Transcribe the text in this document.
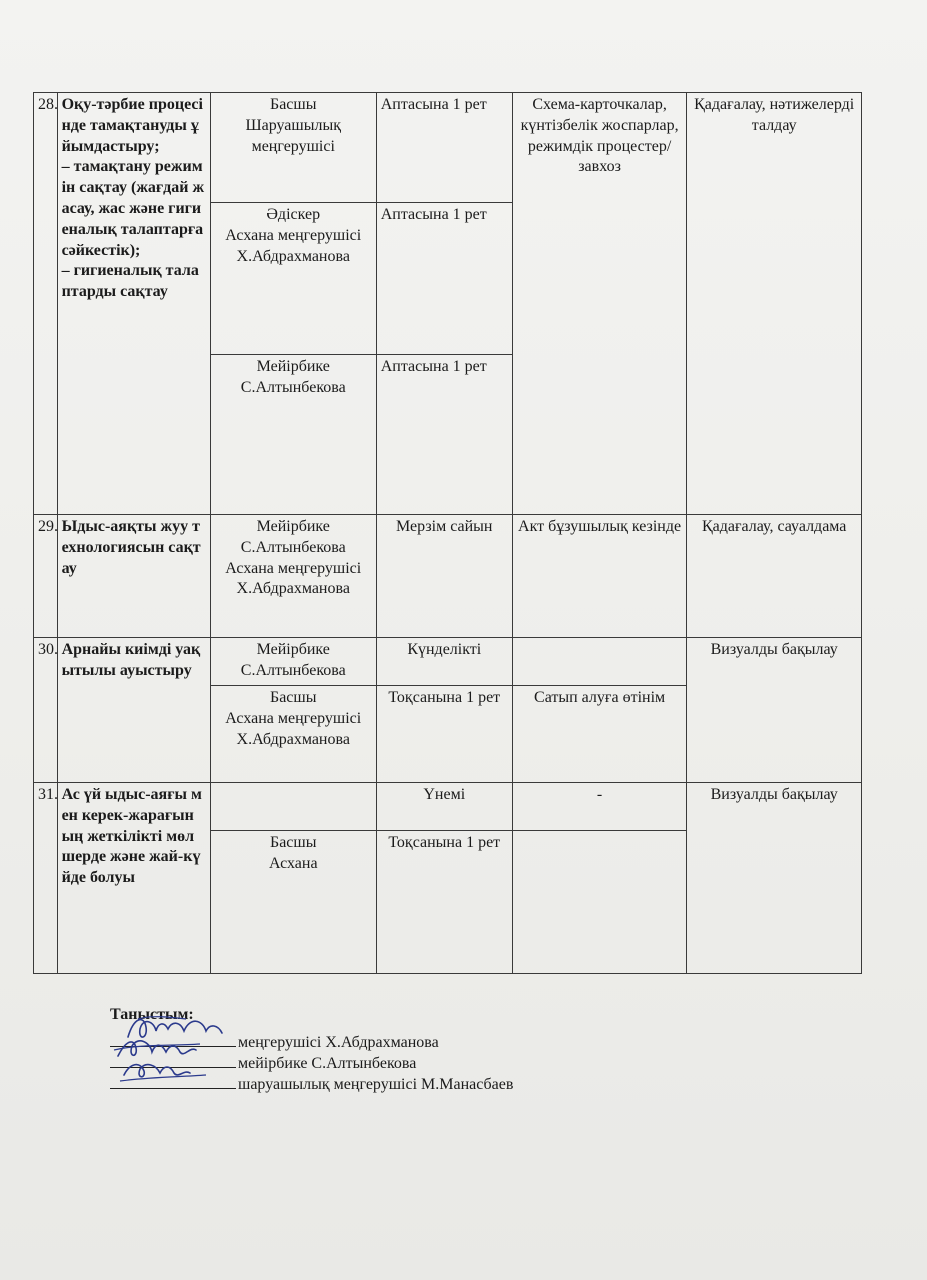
28.	Оқу-тәрбие процесінде тамақтануды ұйымдастыру;
– тамақтану режимін сақтау (жағдай жасау, жас және гигиеналық талаптарға сәйкестік);
– гигиеналық талаптарды сақтау	Басшы
Шаруашылық меңгерушісі	Аптасына 1 рет	Схема-карточкалар, күнтізбелік жоспарлар, режимдік процестер/ завхоз	Қадағалау, нәтижелерді талдау
		Әдіскер
Асхана меңгерушісі
Х.Абдрахманова	Аптасына 1 рет		
		Мейірбике
С.Алтынбекова	Аптасына 1 рет		
29.	Ыдыс-аяқты жуу технологиясын сақтау	Мейірбике
С.Алтынбекова
Асхана меңгерушісі
Х.Абдрахманова	Мерзім сайын	Акт бұзушылық кезінде	Қадағалау, сауалдама
30.	Арнайы киімді уақытылы ауыстыру	Мейірбике
С.Алтынбекова	Күнделікті		Визуалды бақылау
		Басшы
Асхана меңгерушісі
Х.Абдрахманова	Тоқсанына 1 рет	Сатып алуға өтінім	
31.	Ас үй ыдыс-аяғы мен керек-жарағының жеткілікті мөлшерде және жай-күйде болуы		Үнемі	-	Визуалды бақылау
		Басшы
Асхана	Тоқсанына 1 рет		
Таныстым:
меңгерушісі Х.Абдрахманова
мейірбике С.Алтынбекова
шаруашылық меңгерушісі М.Манасбаев
